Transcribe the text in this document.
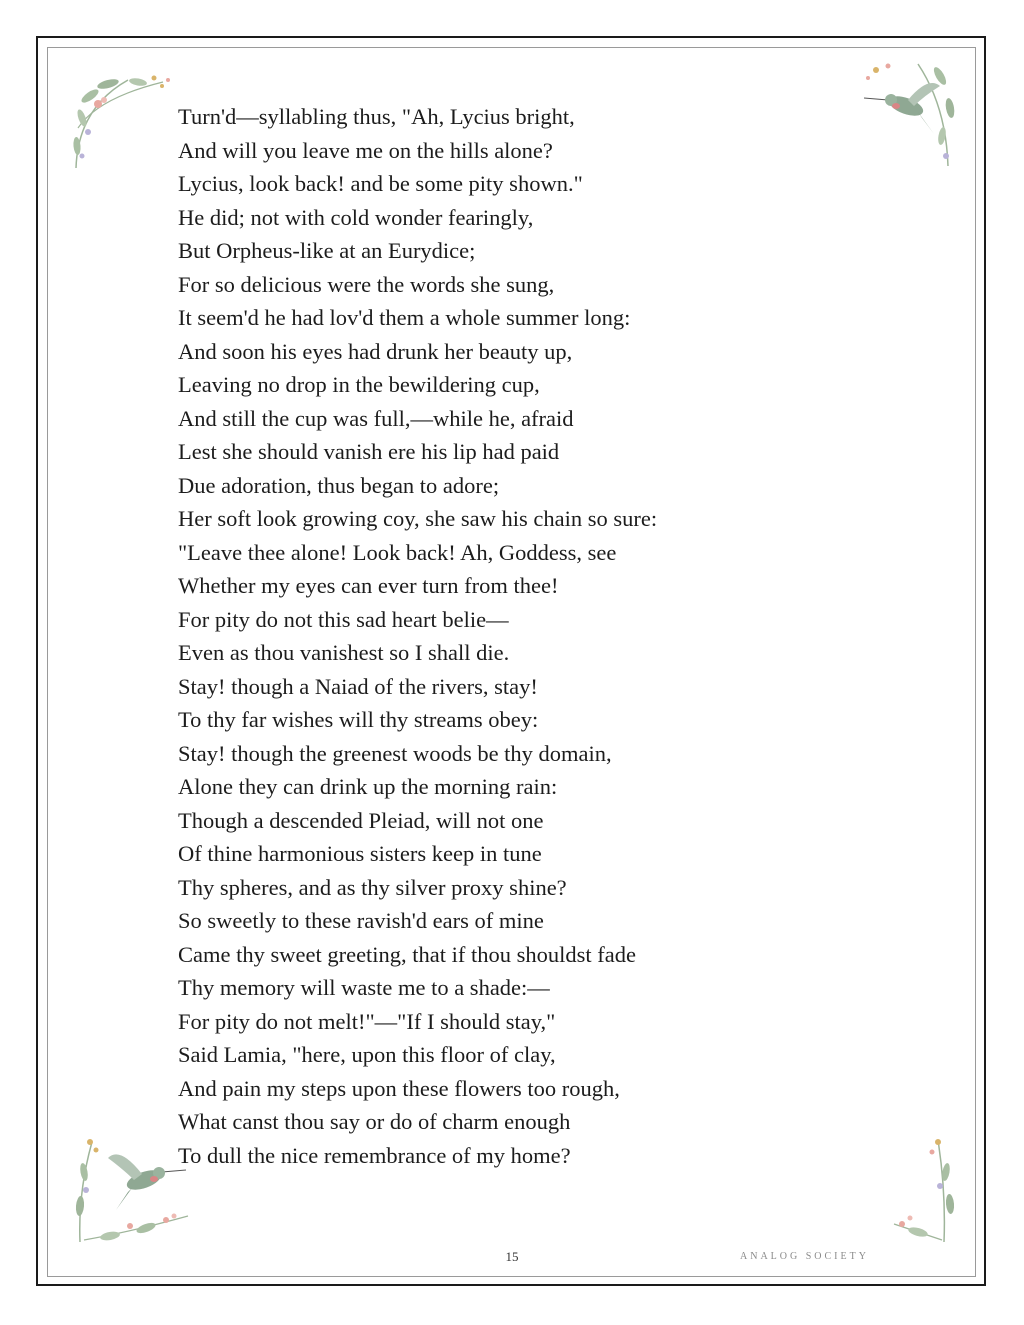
Turn'd—syllabling thus, "Ah, Lycius bright,
And will you leave me on the hills alone?
Lycius, look back! and be some pity shown."
He did; not with cold wonder fearingly,
But Orpheus-like at an Eurydice;
For so delicious were the words she sung,
It seem'd he had lov'd them a whole summer long:
And soon his eyes had drunk her beauty up,
Leaving no drop in the bewildering cup,
And still the cup was full,—while he, afraid
Lest she should vanish ere his lip had paid
Due adoration, thus began to adore;
Her soft look growing coy, she saw his chain so sure:
"Leave thee alone! Look back! Ah, Goddess, see
Whether my eyes can ever turn from thee!
For pity do not this sad heart belie—
Even as thou vanishest so I shall die.
Stay! though a Naiad of the rivers, stay!
To thy far wishes will thy streams obey:
Stay! though the greenest woods be thy domain,
Alone they can drink up the morning rain:
Though a descended Pleiad, will not one
Of thine harmonious sisters keep in tune
Thy spheres, and as thy silver proxy shine?
So sweetly to these ravish'd ears of mine
Came thy sweet greeting, that if thou shouldst fade
Thy memory will waste me to a shade:—
For pity do not melt!"—"If I should stay,"
Said Lamia, "here, upon this floor of clay,
And pain my steps upon these flowers too rough,
What canst thou say or do of charm enough
To dull the nice remembrance of my home?
15	ANALOG SOCIETY
